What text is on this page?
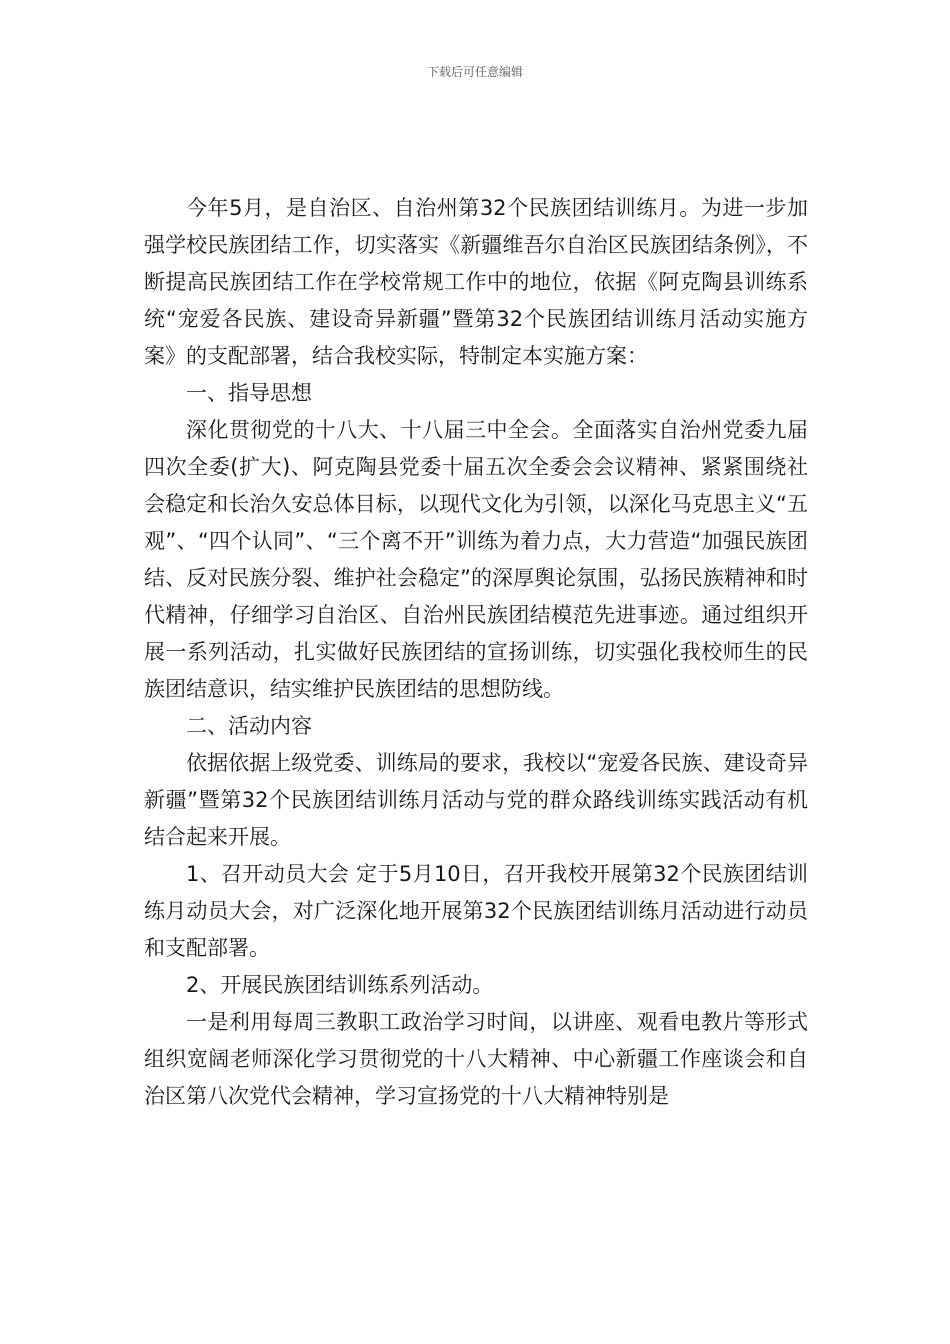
下载后可任意编辑

今年5月，是自治区、自治州第32个民族团结训练月。为进一步加强学校民族团结工作，切实落实《新疆维吾尔自治区民族团结条例》，不断提高民族团结工作在学校常规工作中的地位，依据《阿克陶县训练系统“宠爱各民族、建设奇异新疆”暨第32个民族团结训练月活动实施方案》的支配部署，结合我校实际，特制定本实施方案：

一、指导思想

深化贯彻党的十八大、十八届三中全会。全面落实自治州党委九届四次全委(扩大)、阿克陶县党委十届五次全委会会议精神、紧紧围绕社会稳定和长治久安总体目标，以现代文化为引领，以深化马克思主义“五观”、“四个认同”、“三个离不开”训练为着力点，大力营造“加强民族团结、反对民族分裂、维护社会稳定”的深厚舆论氛围，弘扬民族精神和时代精神，仔细学习自治区、自治州民族团结模范先进事迹。通过组织开展一系列活动，扎实做好民族团结的宣扬训练，切实强化我校师生的民族团结意识，结实维护民族团结的思想防线。

二、活动内容

依据依据上级党委、训练局的要求，我校以“宠爱各民族、建设奇异新疆”暨第32个民族团结训练月活动与党的群众路线训练实践活动有机结合起来开展。

1、召开动员大会 定于5月10日，召开我校开展第32个民族团结训练月动员大会，对广泛深化地开展第32个民族团结训练月活动进行动员和支配部署。

2、开展民族团结训练系列活动。

一是利用每周三教职工政治学习时间，以讲座、观看电教片等形式组织宽阔老师深化学习贯彻党的十八大精神、中心新疆工作座谈会和自治区第八次党代会精神，学习宣扬党的十八大精神特别是
